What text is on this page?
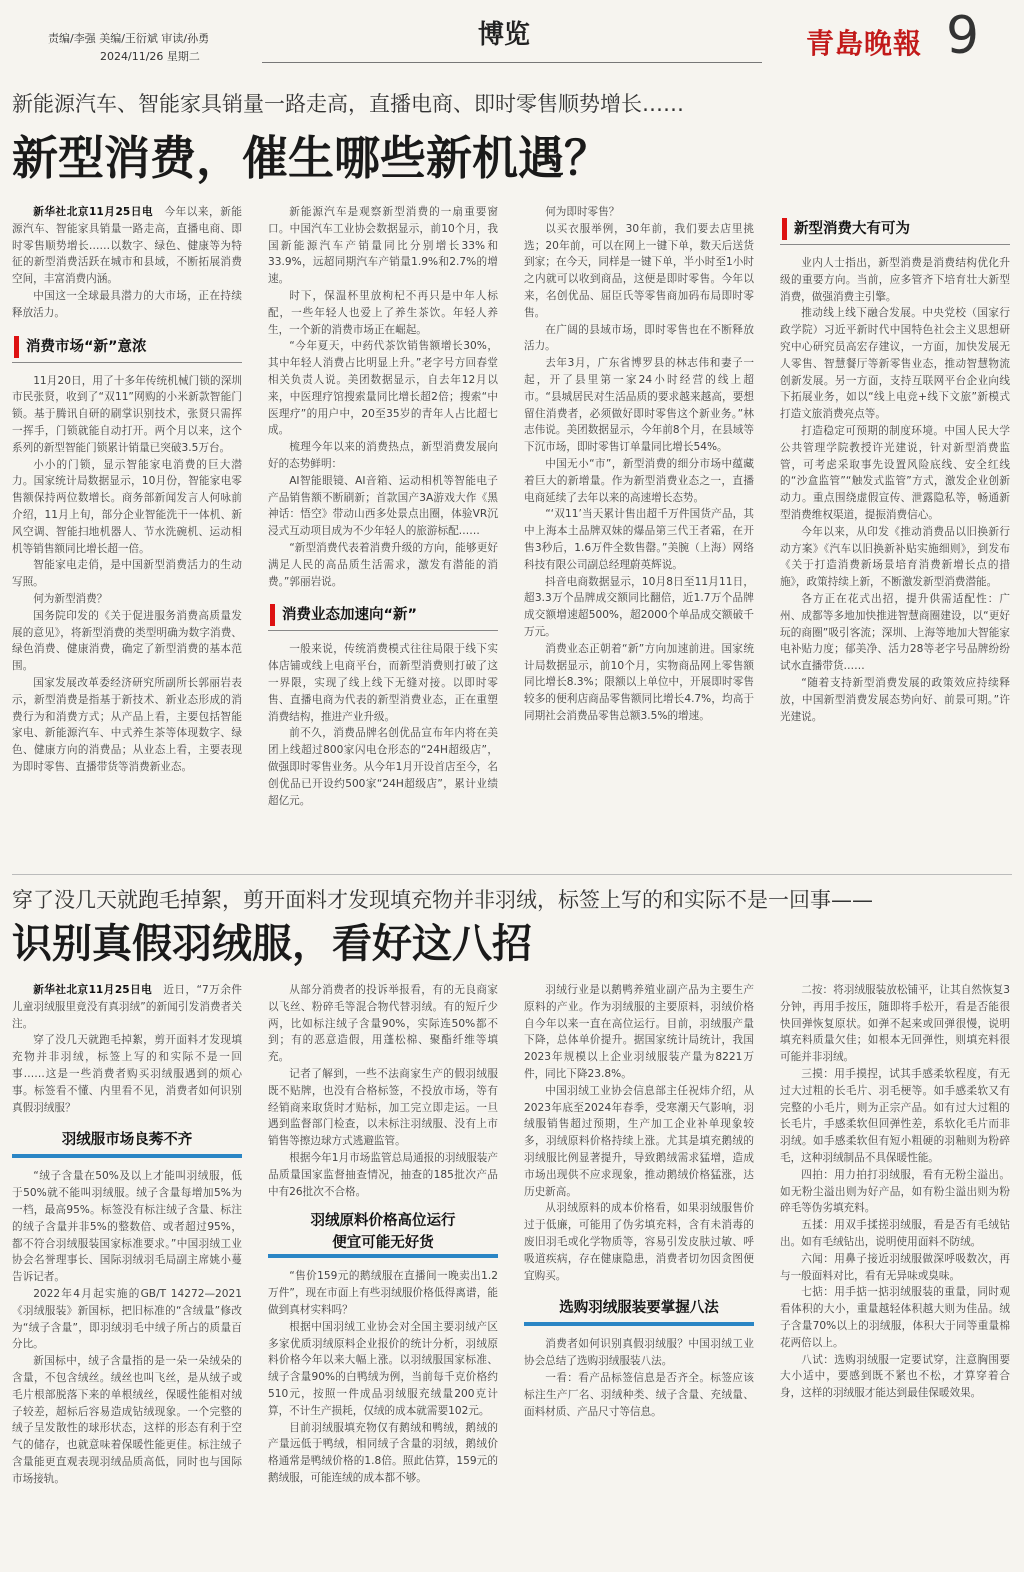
责编/李强 美编/王衍斌 审读/孙勇
2024/11/26 星期二
博览	青島晚報 9
新能源汽车、智能家具销量一路走高，直播电商、即时零售顺势增长……
新型消费，催生哪些新机遇？

新华社北京11月25日电　 今年以来，新能源汽车、智能家具销量一路走高，直播电商、即时零售顺势增长……以数字、绿色、健康等为特征的新型消费活跃在城市和县域，不断拓展消费空间，丰富消费内涵。

中国这一全球最具潜力的大市场，正在持续释放活力。

消费市场“新”意浓

11月20日，用了十多年传统机械门锁的深圳市民张贤，收到了“双11”网购的小米新款智能门锁。基于腾讯自研的刷掌识别技术，张贤只需挥一挥手，门锁就能自动打开。两个月以来，这个系列的新型智能门锁累计销量已突破3.5万台。

小小的门锁，显示智能家电消费的巨大潜力。国家统计局数据显示，10月份，智能家电零售额保持两位数增长。商务部新闻发言人何咏前介绍，11月上旬，部分企业智能洗干一体机、新风空调、智能扫地机器人、节水洗碗机、运动相机等销售额同比增长超一倍。

智能家电走俏，是中国新型消费活力的生动写照。

何为新型消费？

国务院印发的《关于促进服务消费高质量发展的意见》，将新型消费的类型明确为数字消费、绿色消费、健康消费，确定了新型消费的基本范围。

国家发展改革委经济研究所副所长郭丽岩表示，新型消费是指基于新技术、新业态形成的消费行为和消费方式；从产品上看，主要包括智能家电、新能源汽车、中式养生茶等体现数字、绿色、健康方向的消费品；从业态上看，主要表现为即时零售、直播带货等消费新业态。

新能源汽车是观察新型消费的一扇重要窗口。中国汽车工业协会数据显示，前10个月，我国新能源汽车产销量同比分别增长33%和33.9%，远超同期汽车产销量1.9%和2.7%的增速。

时下，保温杯里放枸杞不再只是中年人标配，一些年轻人也爱上了养生茶饮。年轻人养生，一个新的消费市场正在崛起。

“今年夏天，中药代茶饮销售额增长30%，其中年轻人消费占比明显上升。”老字号方回春堂相关负责人说。美团数据显示，自去年12月以来，中医理疗馆搜索量同比增长超2倍；搜索“中医理疗”的用户中，20至35岁的青年人占比超七成。

梳理今年以来的消费热点，新型消费发展向好的态势鲜明：

AI智能眼镜、AI音箱、运动相机等智能电子产品销售额不断刷新；首款国产3A游戏大作《黑神话：悟空》带动山西多处景点出圈，体验VR沉浸式互动项目成为不少年轻人的旅游标配……

“新型消费代表着消费升级的方向，能够更好满足人民的高品质生活需求，激发有潜能的消费。”郭丽岩说。

消费业态加速向“新”

一般来说，传统消费模式往往局限于线下实体店铺或线上电商平台，而新型消费则打破了这一界限，实现了线上线下无缝对接。以即时零售、直播电商为代表的新型消费业态，正在重塑消费结构，推进产业升级。

前不久，消费品牌名创优品宣布年内将在美团上线超过800家闪电仓形态的“24H超级店”，做强即时零售业务。从今年1月开设首店至今，名创优品已开设约500家“24H超级店”，累计业绩超亿元。

何为即时零售？

以买衣服举例，30年前，我们要去店里挑选；20年前，可以在网上一键下单，数天后送货到家；在今天，同样是一键下单，半小时至1小时之内就可以收到商品，这便是即时零售。今年以来，名创优品、屈臣氏等零售商加码布局即时零售。

在广阔的县域市场，即时零售也在不断释放活力。

去年3月，广东省博罗县的林志伟和妻子一起，开了县里第一家24小时经营的线上超市。“县城居民对生活品质的要求越来越高，要想留住消费者，必须做好即时零售这个新业务。”林志伟说。美团数据显示，今年前8个月，在县域等下沉市场，即时零售订单量同比增长54%。

中国无小“市”，新型消费的细分市场中蕴藏着巨大的新增量。作为新型消费业态之一，直播电商延续了去年以来的高速增长态势。

“‘双11’当天累计售出超千万件国货产品，其中上海本土品牌双妹的爆品第三代王者霜，在开售3秒后，1.6万件全数售罄。”美腕（上海）网络科技有限公司副总经理蔚英辉说。

抖音电商数据显示，10月8日至11月11日，超3.3万个品牌成交额同比翻倍，近1.7万个品牌成交额增速超500%，超2000个单品成交额破千万元。

消费业态正朝着“新”方向加速前进。国家统计局数据显示，前10个月，实物商品网上零售额同比增长8.3%；限额以上单位中，开展即时零售较多的便利店商品零售额同比增长4.7%，均高于同期社会消费品零售总额3.5%的增速。

新型消费大有可为

业内人士指出，新型消费是消费结构优化升级的重要方向。当前，应多管齐下培育壮大新型消费，做强消费主引擎。

推动线上线下融合发展。中央党校（国家行政学院）习近平新时代中国特色社会主义思想研究中心研究员高宏存建议，一方面，加快发展无人零售、智慧餐厅等新零售业态，推动智慧物流创新发展。另一方面，支持互联网平台企业向线下拓展业务，如以“线上电竞+线下文旅”新模式打造文旅消费亮点等。

打造稳定可预期的制度环境。中国人民大学公共管理学院教授许光建说，针对新型消费监管，可考虑采取事先设置风险底线、安全红线的“沙盒监管”“触发式监管”方式，激发企业创新动力。重点围绕虚假宣传、泄露隐私等，畅通新型消费维权渠道，提振消费信心。

今年以来，从印发《推动消费品以旧换新行动方案》《汽车以旧换新补贴实施细则》，到发布《关于打造消费新场景培育消费新增长点的措施》，政策持续上新，不断激发新型消费潜能。

各方正在花式出招，提升供需适配性：广州、成都等多地加快推进智慧商圈建设，以“更好玩的商圈”吸引客流；深圳、上海等地加大智能家电补贴力度；郁美净、活力28等老字号品牌纷纷试水直播带货……

“随着支持新型消费发展的政策效应持续释放，中国新型消费发展态势向好、前景可期。”许光建说。

穿了没几天就跑毛掉絮，剪开面料才发现填充物并非羽绒，标签上写的和实际不是一回事——
识别真假羽绒服，看好这八招

新华社北京11月25日电　 近日，“7万余件儿童羽绒服里竟没有真羽绒”的新闻引发消费者关注。

穿了没几天就跑毛掉絮，剪开面料才发现填充物并非羽绒，标签上写的和实际不是一回事……这是一些消费者购买羽绒服遇到的烦心事。标签看不懂、内里看不见，消费者如何识别真假羽绒服？

羽绒服市场良莠不齐

“绒子含量在50%及以上才能叫羽绒服，低于50%就不能叫羽绒服。绒子含量每增加5%为一档，最高95%。标签没有标注绒子含量、标注的绒子含量并非5%的整数倍、或者超过95%，都不符合羽绒服装国家标准要求。”中国羽绒工业协会名誉理事长、国际羽绒羽毛局副主席姚小蔓告诉记者。

2022年4月起实施的GB/T 14272—2021《羽绒服装》新国标，把旧标准的“含绒量”修改为“绒子含量”，即羽绒羽毛中绒子所占的质量百分比。

新国标中，绒子含量指的是一朵一朵绒朵的含量，不包含绒丝。绒丝也叫飞丝，是从绒子或毛片根部脱落下来的单根绒丝，保暖性能相对绒子较差，超标后容易造成钻绒现象。一个完整的绒子呈发散性的球形状态，这样的形态有利于空气的储存，也就意味着保暖性能更佳。标注绒子含量能更直观表现羽绒品质高低，同时也与国际市场接轨。

从部分消费者的投诉举报看，有的无良商家以飞丝、粉碎毛等混合物代替羽绒。有的短斤少两，比如标注绒子含量90%，实际连50%都不到；有的恶意造假，用蓬松棉、聚酯纤维等填充。

记者了解到，一些不法商家生产的假羽绒服既不贴牌，也没有合格标签，不投放市场，等有经销商来取货时才贴标，加工完立即走运。一旦遇到监督部门检查，以未标注羽绒服、没有上市销售等擦边球方式逃避监管。

根据今年1月市场监管总局通报的羽绒服装产品质量国家监督抽查情况，抽查的185批次产品中有26批次不合格。

羽绒原料价格高位运行
便宜可能无好货

“售价159元的鹅绒服在直播间一晚卖出1.2万件”，现在市面上有些羽绒服价格低得离谱，能做到真材实料吗？

根据中国羽绒工业协会对全国主要羽绒产区多家优质羽绒原料企业报价的统计分析，羽绒原料价格今年以来大幅上涨。以羽绒服国家标准、绒子含量90%的白鸭绒为例，当前每千克价格约510元，按照一件成品羽绒服充绒量200克计算，不计生产损耗，仅绒的成本就需要102元。

目前羽绒服填充物仅有鹅绒和鸭绒，鹅绒的产量远低于鸭绒，相同绒子含量的羽绒，鹅绒价格通常是鸭绒价格的1.8倍。照此估算，159元的鹅绒服，可能连绒的成本都不够。

羽绒行业是以鹅鸭养殖业副产品为主要生产原料的产业。作为羽绒服的主要原料，羽绒价格自今年以来一直在高位运行。目前，羽绒服产量下降，总体单价提升。据国家统计局统计，我国2023年规模以上企业羽绒服装产量为8221万件，同比下降23.8%。

中国羽绒工业协会信息部主任祝炜介绍，从2023年底至2024年春季，受寒潮天气影响，羽绒服销售超过预期，生产加工企业补单现象较多，羽绒原料价格持续上涨。尤其是填充鹅绒的羽绒服比例显著提升，导致鹅绒需求猛增，造成市场出现供不应求现象，推动鹅绒价格猛涨，达历史新高。

从羽绒原料的成本价格看，如果羽绒服售价过于低廉，可能用了伪劣填充料，含有未消毒的废旧羽毛或化学物质等，容易引发皮肤过敏、呼吸道疾病，存在健康隐患，消费者切勿因贪图便宜购买。

选购羽绒服装要掌握八法

消费者如何识别真假羽绒服？中国羽绒工业协会总结了选购羽绒服装八法。

一看：看产品标签信息是否齐全。标签应该标注生产厂名、羽绒种类、绒子含量、充绒量、面料材质、产品尺寸等信息。

二按：将羽绒服装放松铺平，让其自然恢复3分钟，再用手按压，随即将手松开，看是否能很快回弹恢复原状。如弹不起来或回弹很慢，说明填充料质量欠佳；如根本无回弹性，则填充料很可能并非羽绒。

三摸：用手摸捏，试其手感柔软程度，有无过大过粗的长毛片、羽毛梗等。如手感柔软又有完整的小毛片，则为正宗产品。如有过大过粗的长毛片，手感柔软但回弹性差，系软化毛片而非羽绒。如手感柔软但有短小粗硬的羽釉则为粉碎毛，这种羽绒制品不具保暖性能。

四拍：用力拍打羽绒服，看有无粉尘溢出。如无粉尘溢出则为好产品，如有粉尘溢出则为粉碎毛等伪劣填充料。

五揉：用双手揉搓羽绒服，看是否有毛绒钻出。如有毛绒钻出，说明使用面料不防绒。

六闻：用鼻子接近羽绒服做深呼吸数次，再与一般面料对比，看有无异味或臭味。

七掂：用手掂一掂羽绒服装的重量，同时观看体积的大小，重量越轻体积越大则为佳品。绒子含量70%以上的羽绒服，体积大于同等重量棉花两倍以上。

八试：选购羽绒服一定要试穿，注意胸围要大小适中，要感到既不紧也不松，才算穿着合身，这样的羽绒服才能达到最佳保暖效果。
